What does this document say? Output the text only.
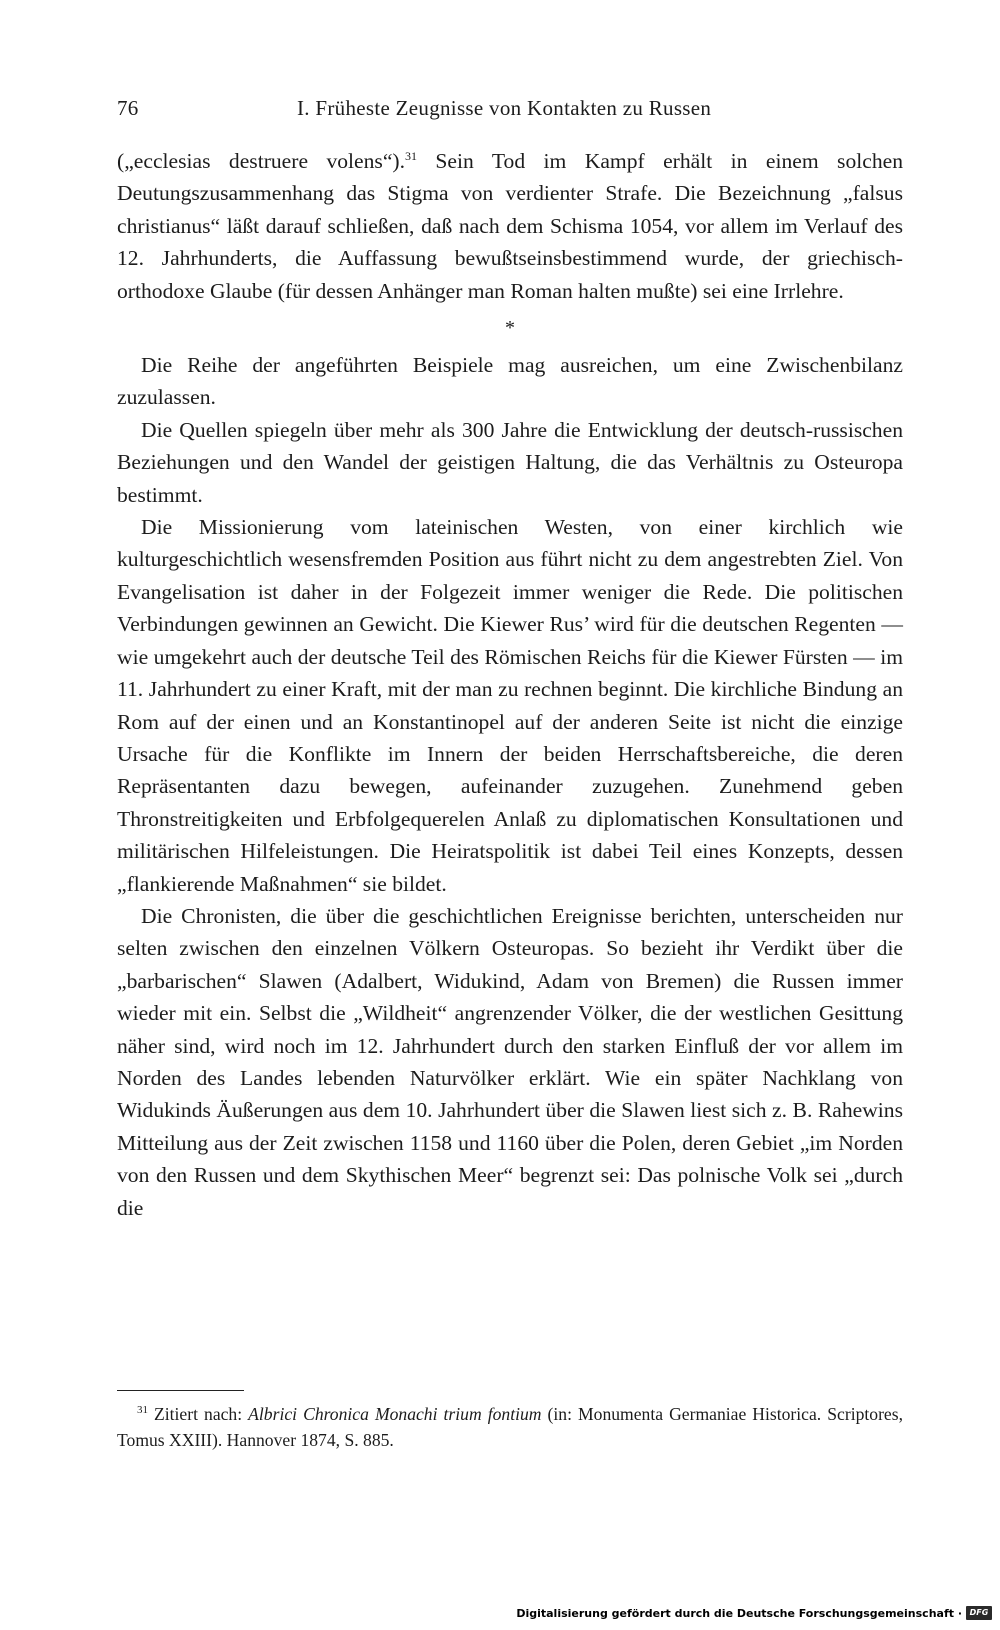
76	I. Früheste Zeugnisse von Kontakten zu Russen

(„ecclesias destruere volens“).$^{31}$ Sein Tod im Kampf erhält in einem solchen Deutungszusammenhang das Stigma von verdienter Strafe. Die Bezeichnung „falsus christianus“ läßt darauf schließen, daß nach dem Schisma 1054, vor allem im Verlauf des 12. Jahrhunderts, die Auffassung bewußtseinsbestimmend wurde, der griechisch-orthodoxe Glaube (für dessen Anhänger man Roman halten mußte) sei eine Irrlehre.

*

Die Reihe der angeführten Beispiele mag ausreichen, um eine Zwischenbilanz zuzulassen.

Die Quellen spiegeln über mehr als 300 Jahre die Entwicklung der deutsch-russischen Beziehungen und den Wandel der geistigen Haltung, die das Verhältnis zu Osteuropa bestimmt.

Die Missionierung vom lateinischen Westen, von einer kirchlich wie kulturgeschichtlich wesensfremden Position aus führt nicht zu dem angestrebten Ziel. Von Evangelisation ist daher in der Folgezeit immer weniger die Rede. Die politischen Verbindungen gewinnen an Gewicht. Die Kiewer Rus’ wird für die deutschen Regenten — wie umgekehrt auch der deutsche Teil des Römischen Reichs für die Kiewer Fürsten — im 11. Jahrhundert zu einer Kraft, mit der man zu rechnen beginnt. Die kirchliche Bindung an Rom auf der einen und an Konstantinopel auf der anderen Seite ist nicht die einzige Ursache für die Konflikte im Innern der beiden Herrschaftsbereiche, die deren Repräsentanten dazu bewegen, aufeinander zuzugehen. Zunehmend geben Thronstreitigkeiten und Erbfolgequerelen Anlaß zu diplomatischen Konsultationen und militärischen Hilfeleistungen. Die Heiratspolitik ist dabei Teil eines Konzepts, dessen „flankierende Maßnahmen“ sie bildet.

Die Chronisten, die über die geschichtlichen Ereignisse berichten, unterscheiden nur selten zwischen den einzelnen Völkern Osteuropas. So bezieht ihr Verdikt über die „barbarischen“ Slawen (Adalbert, Widukind, Adam von Bremen) die Russen immer wieder mit ein. Selbst die „Wildheit“ angrenzender Völker, die der westlichen Gesittung näher sind, wird noch im 12. Jahrhundert durch den starken Einfluß der vor allem im Norden des Landes lebenden Naturvölker erklärt. Wie ein später Nachklang von Widukinds Äußerungen aus dem 10. Jahrhundert über die Slawen liest sich z. B. Rahewins Mitteilung aus der Zeit zwischen 1158 und 1160 über die Polen, deren Gebiet „im Norden von den Russen und dem Skythischen Meer“ begrenzt sei: Das polnische Volk sei „durch die

$^{31}$ Zitiert nach: Albrici Chronica Monachi trium fontium (in: Monumenta Germaniae Historica. Scriptores, Tomus XXIII). Hannover 1874, S. 885.
Digitalisierung gefördert durch die Deutsche Forschungsgemeinschaft · DFG
